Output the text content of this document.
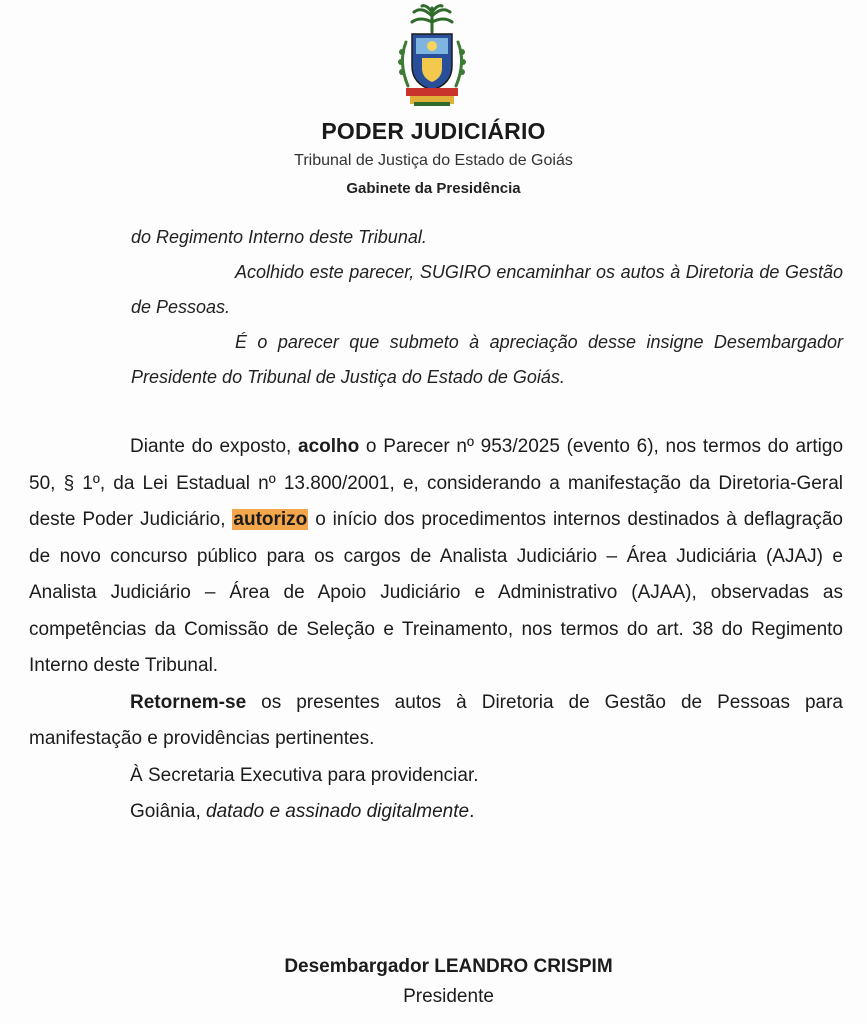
PODER JUDICIÁRIO
Tribunal de Justiça do Estado de Goiás
Gabinete da Presidência

do Regimento Interno deste Tribunal.

Acolhido este parecer, SUGIRO encaminhar os autos à Diretoria de Gestão de Pessoas.

É o parecer que submeto à apreciação desse insigne Desembargador Presidente do Tribunal de Justiça do Estado de Goiás.

Diante do exposto, acolho o Parecer nº 953/2025 (evento 6), nos termos do artigo 50, § 1º, da Lei Estadual nº 13.800/2001, e, considerando a manifestação da Diretoria-Geral deste Poder Judiciário, autorizo o início dos procedimentos internos destinados à deflagração de novo concurso público para os cargos de Analista Judiciário – Área Judiciária (AJAJ) e Analista Judiciário – Área de Apoio Judiciário e Administrativo (AJAA), observadas as competências da Comissão de Seleção e Treinamento, nos termos do art. 38 do Regimento Interno deste Tribunal.

Retornem-se os presentes autos à Diretoria de Gestão de Pessoas para manifestação e providências pertinentes.

À Secretaria Executiva para providenciar.

Goiânia, datado e assinado digitalmente.

Desembargador LEANDRO CRISPIM
Presidente
